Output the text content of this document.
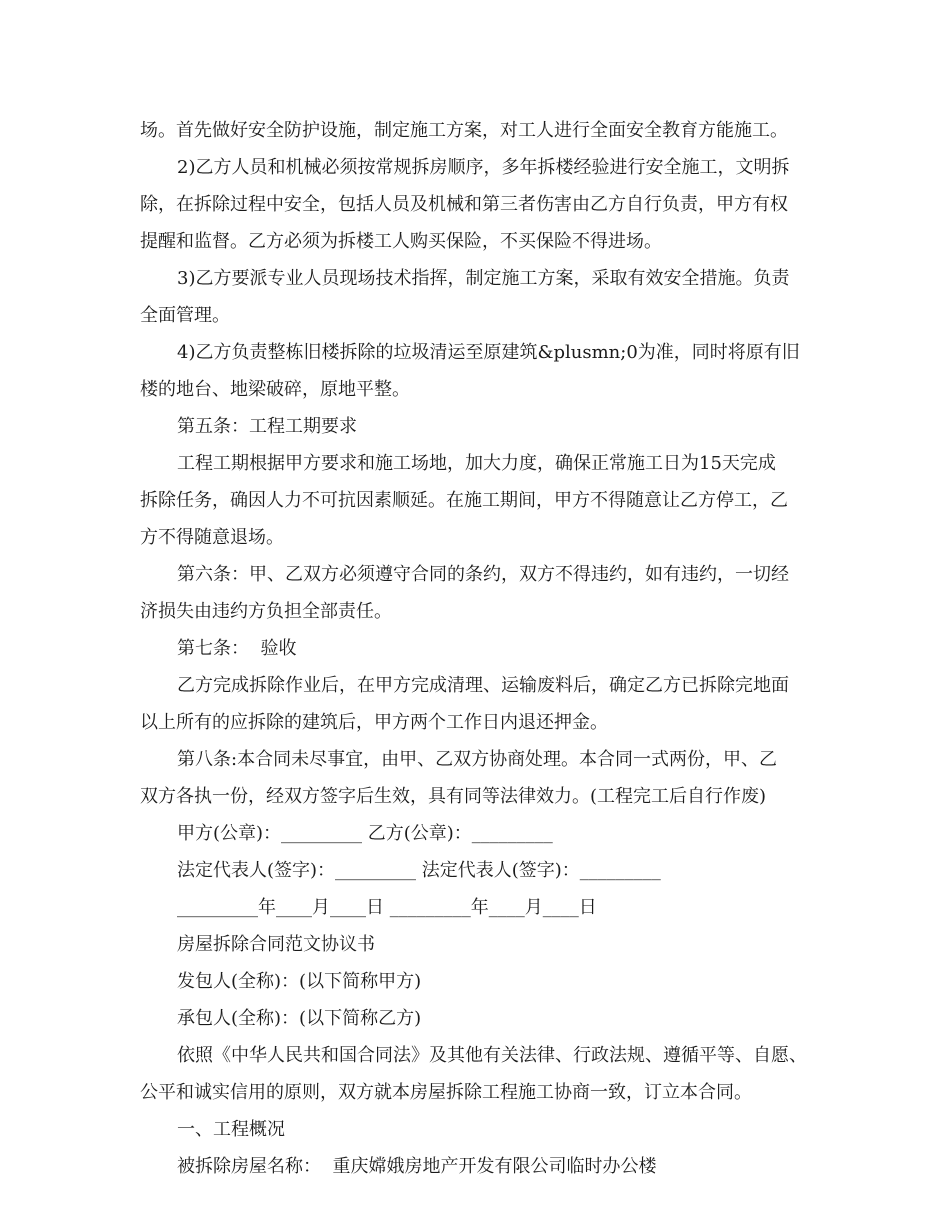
场。首先做好安全防护设施，制定施工方案，对工人进行全面安全教育方能施工。
2)乙方人员和机械必须按常规拆房顺序，多年拆楼经验进行安全施工，文明拆
除，在拆除过程中安全，包括人员及机械和第三者伤害由乙方自行负责，甲方有权
提醒和监督。乙方必须为拆楼工人购买保险，不买保险不得进场。
3)乙方要派专业人员现场技术指挥，制定施工方案，采取有效安全措施。负责
全面管理。
4)乙方负责整栋旧楼拆除的垃圾清运至原建筑&plusmn;0为准，同时将原有旧
楼的地台、地梁破碎，原地平整。
第五条：工程工期要求
工程工期根据甲方要求和施工场地，加大力度，确保正常施工日为15天完成
拆除任务，确因人力不可抗因素顺延。在施工期间，甲方不得随意让乙方停工，乙
方不得随意退场。
第六条：甲、乙双方必须遵守合同的条约，双方不得违约，如有违约，一切经
济损失由违约方负担全部责任。
第七条：  验收
乙方完成拆除作业后，在甲方完成清理、运输废料后，确定乙方已拆除完地面
以上所有的应拆除的建筑后，甲方两个工作日内退还押金。
第八条:本合同未尽事宜，由甲、乙双方协商处理。本合同一式两份，甲、乙
双方各执一份，经双方签字后生效，具有同等法律效力。(工程完工后自行作废)
甲方(公章)：_________ 乙方(公章)：_________
法定代表人(签字)：_________ 法定代表人(签字)：_________
_________年____月____日 _________年____月____日
房屋拆除合同范文协议书
发包人(全称)：(以下简称甲方)
承包人(全称)：(以下简称乙方)
依照《中华人民共和国合同法》及其他有关法律、行政法规、遵循平等、自愿、
公平和诚实信用的原则，双方就本房屋拆除工程施工协商一致，订立本合同。
一、工程概况
被拆除房屋名称：  重庆嫦娥房地产开发有限公司临时办公楼
